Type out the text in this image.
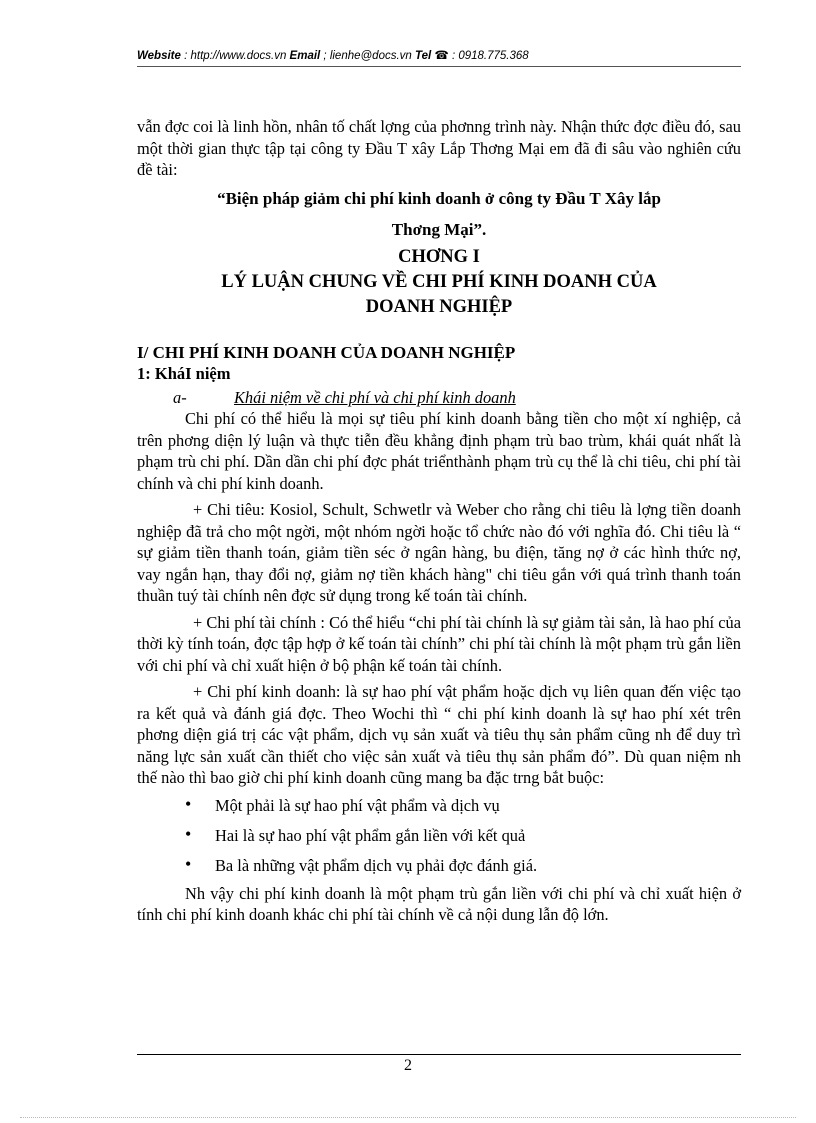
Website : http://www.docs.vn Email ; lienhe@docs.vn Tel ☎ : 0918.775.368

vẫn đợc coi là linh hồn, nhân tố chất lợng của phơnng trình này. Nhận thức đợc điều đó, sau một thời gian thực tập tại công ty Đầu T xây Lắp Thơng Mại em đã đi sâu vào nghiên cứu đề tài:

“Biện pháp giảm chi phí kinh doanh ở công ty Đầu T Xây lắp
Thơng Mại”.
CHƠNG I
LÝ LUẬN CHUNG VỀ CHI PHÍ KINH DOANH CỦA
DOANH NGHIỆP
I/ CHI PHÍ KINH DOANH CỦA DOANH NGHIỆP
1: KháI niệm
a-	Khái niệm về chi phí và chi phí kinh doanh

Chi phí có thể hiểu là mọi sự tiêu phí kinh doanh bằng tiền cho một xí nghiệp, cả trên phơng diện lý luận và thực tiễn đều khẳng định phạm trù bao trùm, khái quát nhất là phạm trù chi phí. Dần dần chi phí đợc phát triểnthành phạm trù cụ thể là chi tiêu, chi phí tài chính và chi phí kinh doanh.

+ Chi tiêu: Kosiol, Schult, Schwetlr và Weber cho rằng chi tiêu là lợng tiền doanh nghiệp đã trả cho một ngời, một nhóm ngời hoặc tổ chức nào đó với nghĩa đó. Chi tiêu là “ sự giảm tiền thanh toán, giảm tiền séc ở ngân hàng, bu điện, tăng nợ ở các hình thức nợ, vay ngắn hạn, thay đổi nợ, giảm nợ tiền khách hàng" chi tiêu gắn với quá trình thanh toán thuần tuý tài chính nên đợc sử dụng trong kế toán tài chính.

+ Chi phí tài chính : Có thể hiểu “chi phí tài chính là sự giảm tài sản, là hao phí của thời kỳ tính toán, đợc tập hợp ở kế toán tài chính” chi phí tài chính là một phạm trù gắn liền với chi phí và chỉ xuất hiện ở bộ phận kế toán tài chính.

+ Chi phí kinh doanh: là sự hao phí vật phẩm hoặc dịch vụ liên quan đến việc tạo ra kết quả và đánh giá đợc. Theo Wochi thì “ chi phí kinh doanh là sự hao phí xét trên phơng diện giá trị các vật phẩm, dịch vụ sản xuất và tiêu thụ sản phẩm cũng nh để duy trì năng lực sản xuất cần thiết cho việc sản xuất và tiêu thụ sản phẩm đó”. Dù quan niệm nh thế nào thì bao giờ chi phí kinh doanh cũng mang ba đặc trng bắt buộc:

• Một phải là sự hao phí vật phẩm và dịch vụ
• Hai là sự hao phí vật phẩm gắn liền với kết quả
• Ba là những vật phẩm dịch vụ phải đợc đánh giá.

Nh vậy chi phí kinh doanh là một phạm trù gắn liền với chi phí và chỉ xuất hiện ở tính chi phí kinh doanh khác chi phí tài chính về cả nội dung lẫn độ lớn.

2
